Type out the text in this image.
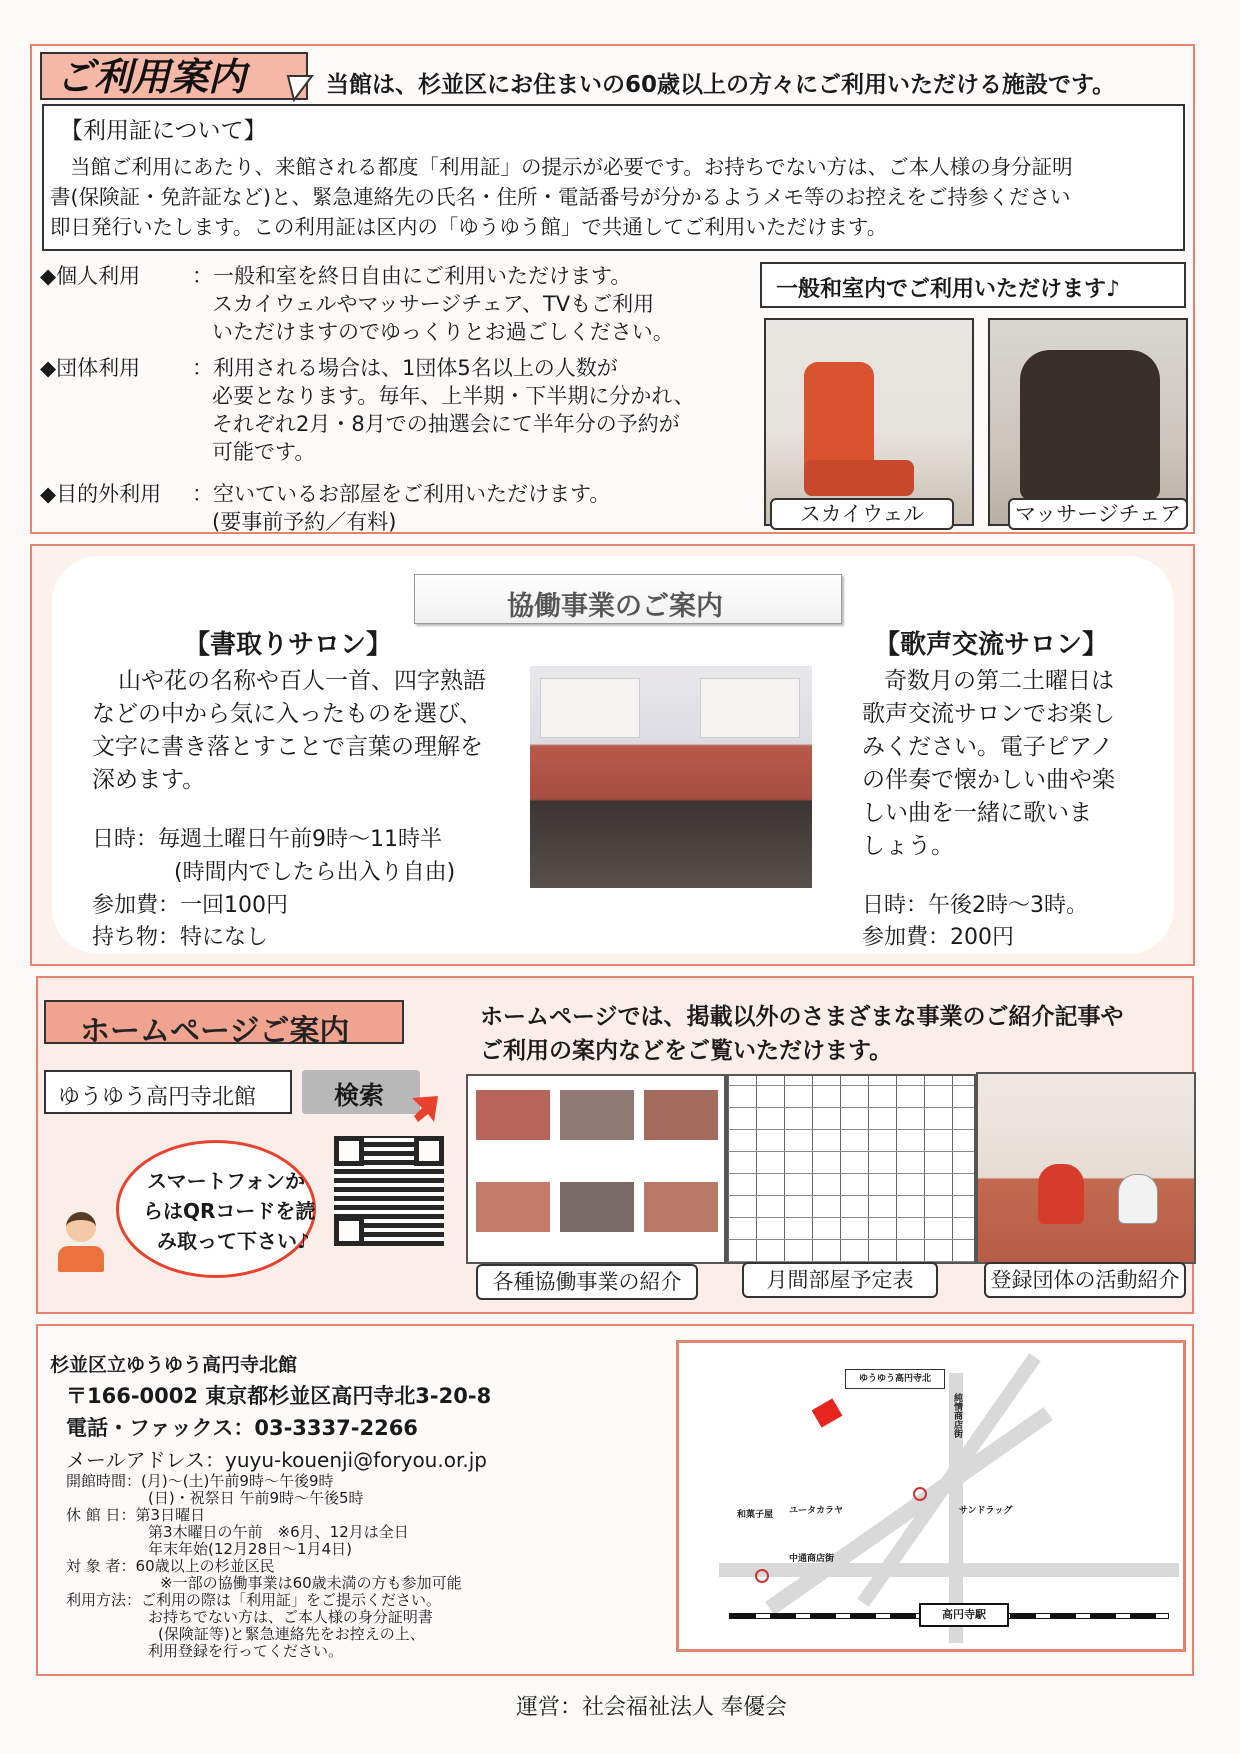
ご利用案内	当館は、杉並区にお住まいの60歳以上の方々にご利用いただける施設です。
【利用証について】
当館ご利用にあたり、来館される都度「利用証」の提示が必要です。お持ちでない方は、ご本人様の身分証明
書(保険証・免許証など)と、緊急連絡先の氏名・住所・電話番号が分かるようメモ等のお控えをご持参ください
即日発行いたします。この利用証は区内の「ゆうゆう館」で共通してご利用いただけます。
◆個人利用 ：一般和室を終日自由にご利用いただけます。
スカイウェルやマッサージチェア、TVもご利用
いただけますのでゆっくりとお過ごしください。
◆団体利用 ：利用される場合は、1団体5名以上の人数が
必要となります。毎年、上半期・下半期に分かれ、
それぞれ2月・8月での抽選会にて半年分の予約が
可能です。
◆目的外利用 ：空いているお部屋をご利用いただけます。
(要事前予約／有料)
一般和室内でご利用いただけます♪
スカイウェル	マッサージチェア
協働事業のご案内
【書取りサロン】
山や花の名称や百人一首、四字熟語
などの中から気に入ったものを選び、
文字に書き落とすことで言葉の理解を
深めます。
日時：毎週土曜日午前9時〜11時半
(時間内でしたら出入り自由)
参加費：一回100円
持ち物：特になし
【歌声交流サロン】
奇数月の第二土曜日は
歌声交流サロンでお楽し
みください。電子ピアノ
の伴奏で懐かしい曲や楽
しい曲を一緒に歌いま
しょう。
日時：午後2時〜3時。
参加費：200円
ホームページご案内	ホームページでは、掲載以外のさまざまな事業のご紹介記事や
ご利用の案内などをご覧いただけます。
ゆうゆう高円寺北館	検索
スマートフォンか
らはQRコードを読
み取って下さい♪
各種協働事業の紹介	月間部屋予定表	登録団体の活動紹介
杉並区立ゆうゆう高円寺北館
〒166-0002 東京都杉並区高円寺北3-20-8
電話・ファックス：03-3337-2266
メールアドレス：yuyu-kouenji@foryou.or.jp
開館時間：(月)〜(土)午前9時〜午後9時
(日)・祝祭日 午前9時〜午後5時
休 館 日：第3日曜日
第3木曜日の午前　※6月、12月は全日
年末年始(12月28日〜1月4日)
対 象 者：60歳以上の杉並区民
※一部の協働事業は60歳未満の方も参加可能
利用方法：ご利用の際は「利用証」をご提示ください。
お持ちでない方は、ご本人様の身分証明書
(保険証等)と緊急連絡先をお控えの上、
利用登録を行ってください。
ゆうゆう高円寺北
純情商店街
ユータカラヤ	サンドラッグ
和菓子屋
中通商店街
高円寺駅
運営：社会福祉法人 奉優会
